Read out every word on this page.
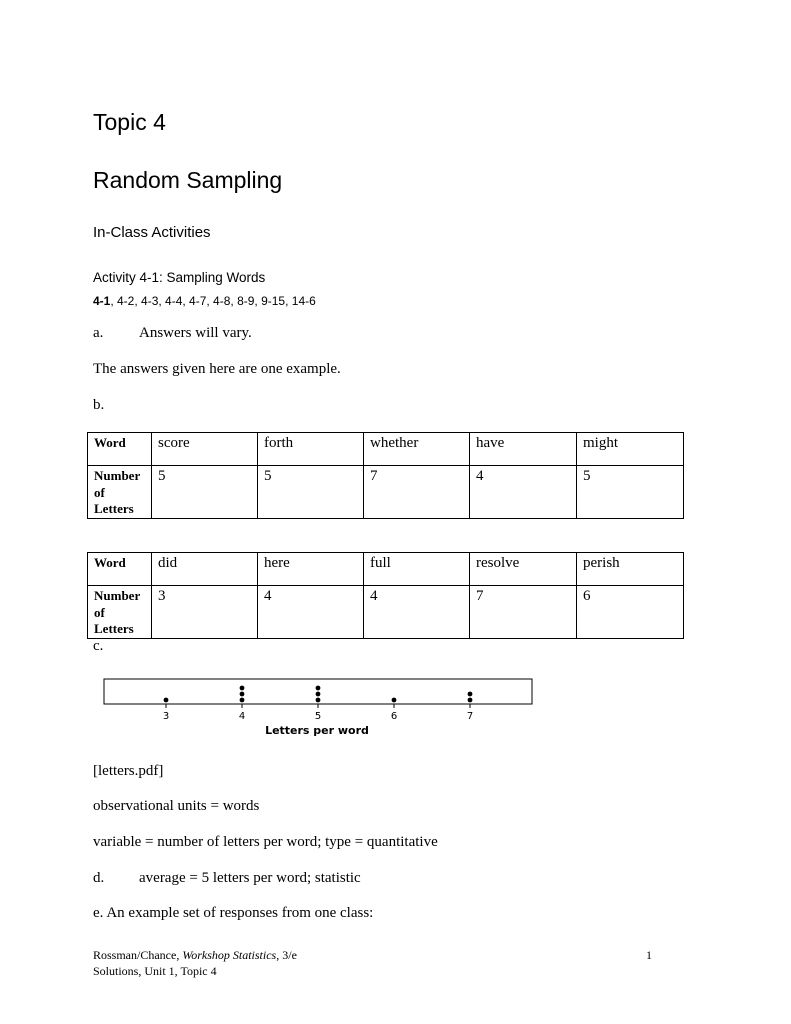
Topic 4
Random Sampling
In-Class Activities
Activity 4-1: Sampling Words
4-1, 4-2, 4-3, 4-4, 4-7, 4-8, 8-9, 9-15, 14-6
a. Answers will vary.
The answers given here are one example.
b.
Word	score	forth	whether	have	might
Number
of
Letters	5	5	7	4	5
Word	did	here	full	resolve	perish
Number
of
Letters	3	4	4	7	6
c.
3	4	5	6	7
Letters per word
[letters.pdf]
observational units = words
variable = number of letters per word; type = quantitative
d. average = 5 letters per word; statistic
e. An example set of responses from one class:
Rossman/Chance, Workshop Statistics, 3/e
Solutions, Unit 1, Topic 4
1
